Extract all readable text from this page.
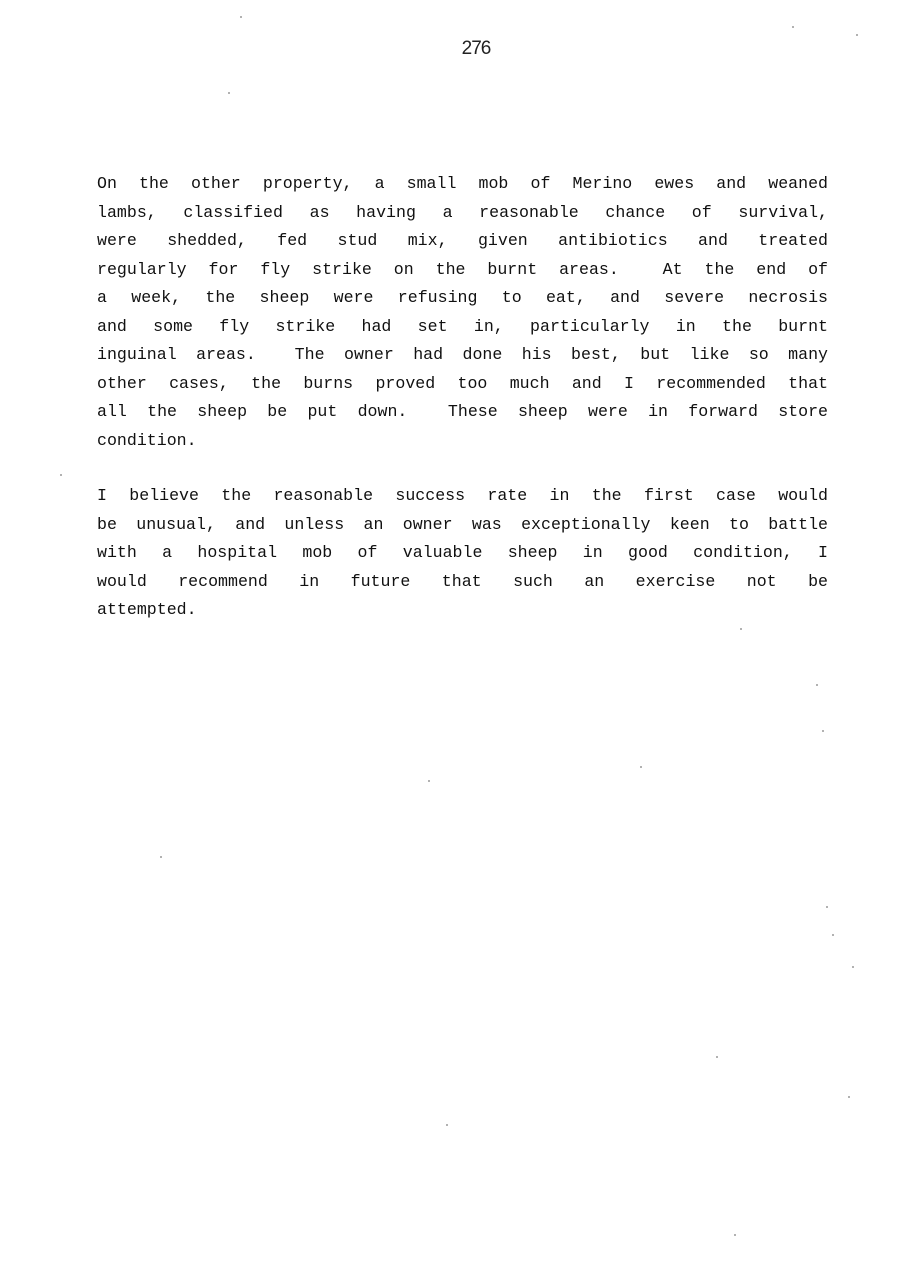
276
On the other property, a small mob of Merino ewes and weaned
lambs, classified as having a reasonable chance of survival,
were shedded, fed stud mix, given antibiotics and treated
regularly for fly strike on the burnt areas.  At the end of
a week, the sheep were refusing to eat, and severe necrosis
and some fly strike had set in, particularly in the burnt
inguinal areas.  The owner had done his best, but like so many
other cases, the burns proved too much and I recommended that
all the sheep be put down.  These sheep were in forward store
condition.
I believe the reasonable success rate in the first case would
be unusual, and unless an owner was exceptionally keen to battle
with a hospital mob of valuable sheep in good condition, I
would recommend in future that such an exercise not be
attempted.
